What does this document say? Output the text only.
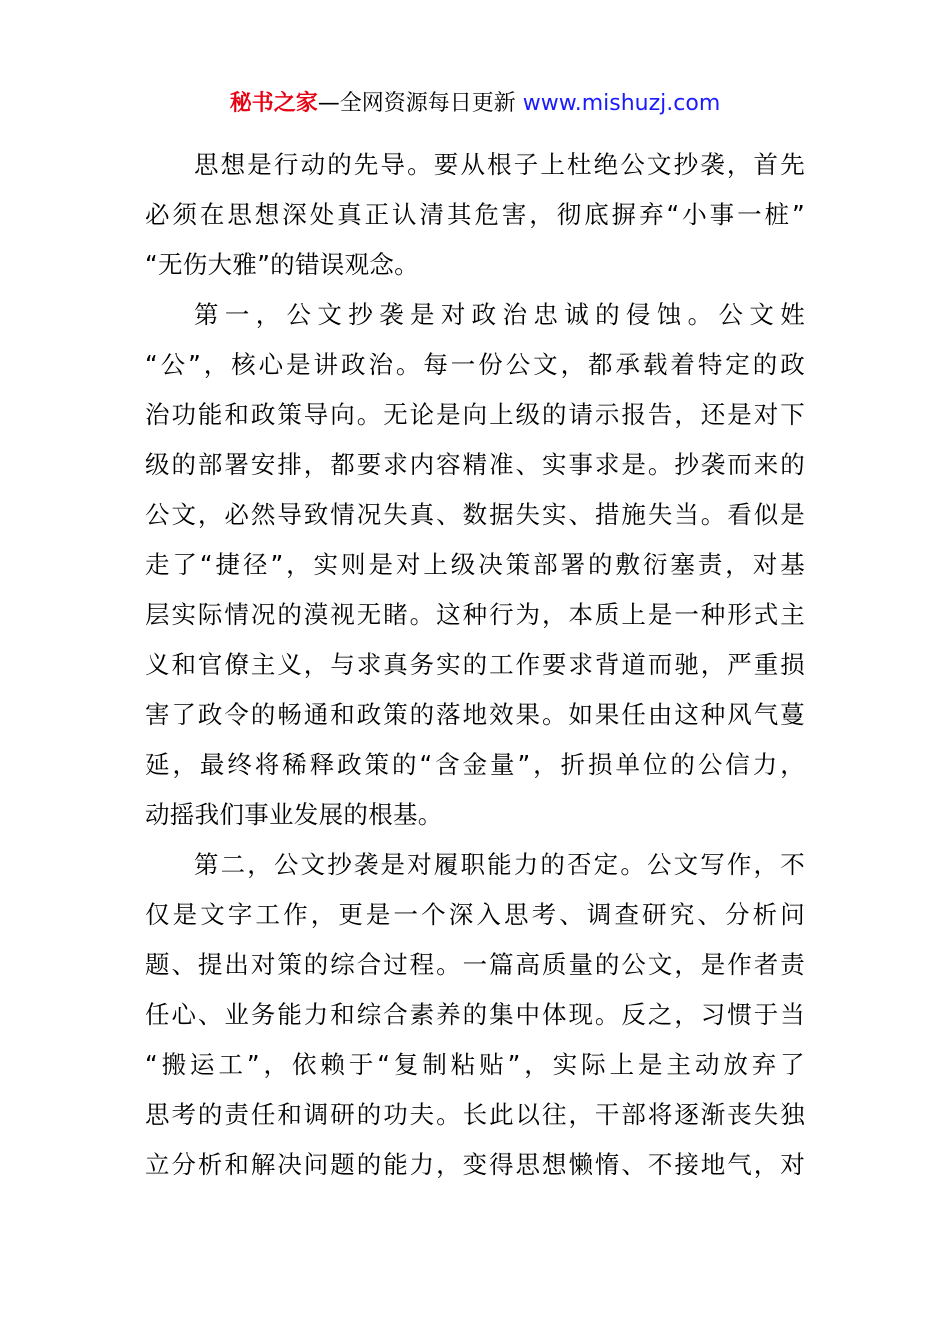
秘书之家—全网资源每日更新 www.mishuzj.com
思想是行动的先导。要从根子上杜绝公文抄袭，首先
必须在思想深处真正认清其危害，彻底摒弃“小事一桩”
“无伤大雅”的错误观念。
第一，公文抄袭是对政治忠诚的侵蚀。公文姓
“公”，核心是讲政治。每一份公文，都承载着特定的政
治功能和政策导向。无论是向上级的请示报告，还是对下
级的部署安排，都要求内容精准、实事求是。抄袭而来的
公文，必然导致情况失真、数据失实、措施失当。看似是
走了“捷径”，实则是对上级决策部署的敷衍塞责，对基
层实际情况的漠视无睹。这种行为，本质上是一种形式主
义和官僚主义，与求真务实的工作要求背道而驰，严重损
害了政令的畅通和政策的落地效果。如果任由这种风气蔓
延，最终将稀释政策的“含金量”，折损单位的公信力，
动摇我们事业发展的根基。
第二，公文抄袭是对履职能力的否定。公文写作，不
仅是文字工作，更是一个深入思考、调查研究、分析问
题、提出对策的综合过程。一篇高质量的公文，是作者责
任心、业务能力和综合素养的集中体现。反之，习惯于当
“搬运工”，依赖于“复制粘贴”，实际上是主动放弃了
思考的责任和调研的功夫。长此以往，干部将逐渐丧失独
立分析和解决问题的能力，变得思想懒惰、不接地气，对
